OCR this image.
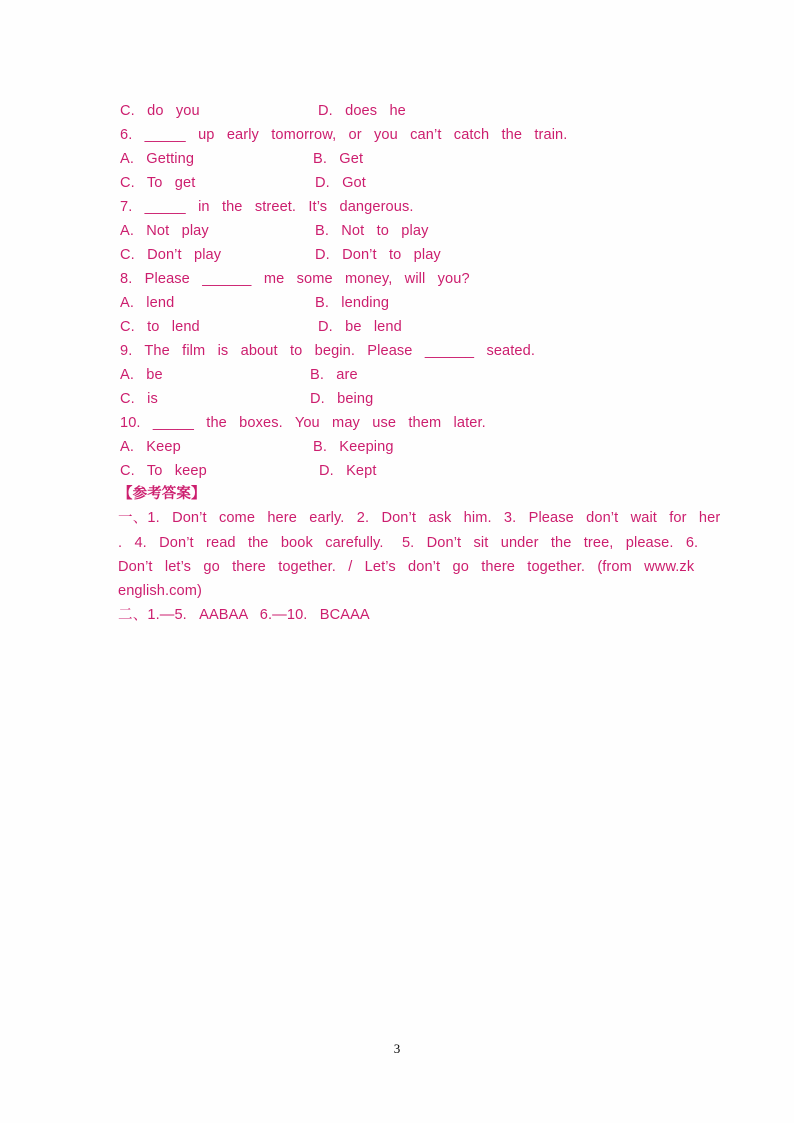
C.  do  you	D.  does  he
6.  _____  up  early  tomorrow,  or  you  can’t  catch  the  train.
A.  Getting	B.  Get
C.  To  get	D.  Got
7.  _____  in  the  street.  It’s  dangerous.
A.  Not  play	B.  Not  to  play
C.  Don’t  play	D.  Don’t  to  play
8.  Please  ______  me  some  money,  will  you?
A.  lend	B.  lending
C.  to  lend	D.  be  lend
9.  The  film  is  about  to  begin.  Please  ______  seated.
A.  be	B.  are
C.  is	D.  being
10.  _____  the  boxes.  You  may  use  them  later.
A.  Keep	B.  Keeping
C.  To  keep	D.  Kept
【参考答案】
一、1.  Don’t  come  here  early.  2.  Don’t  ask  him.  3.  Please  don’t  wait  for  her
.  4.  Don’t  read  the  book  carefully.   5.  Don’t  sit  under  the  tree,  please.  6.
Don’t  let’s  go  there  together.  /  Let’s  don’t  go  there  together.  (from  www.zk
english.com)
二、1.—5.  AABAA  6.—10.  BCAAA
3
